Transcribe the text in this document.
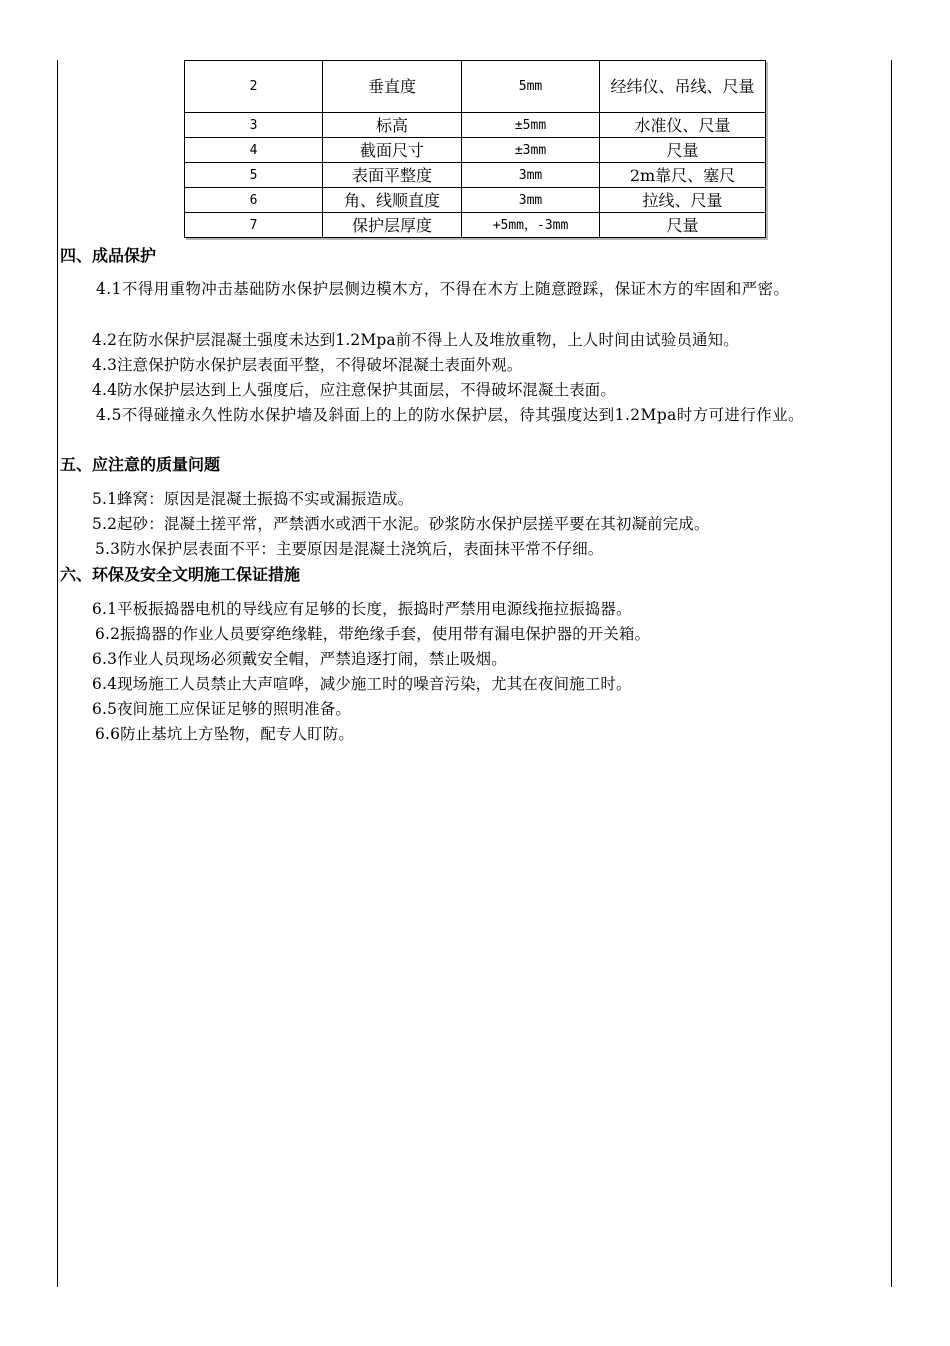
2	垂直度	5mm	经纬仪、吊线、尺量
3	标高	±5mm	水准仪、尺量
4	截面尺寸	±3mm	尺量
5	表面平整度	3mm	2m靠尺、塞尺
6	角、线顺直度	3mm	拉线、尺量
7	保护层厚度	+5mm，-3mm	尺量
四、成品保护
4.1不得用重物冲击基础防水保护层侧边模木方，不得在木方上随意蹬踩，保证木方的牢固和严密。
4.2在防水保护层混凝土强度未达到1.2Mpa前不得上人及堆放重物，上人时间由试验员通知。
4.3注意保护防水保护层表面平整，不得破坏混凝土表面外观。
4.4防水保护层达到上人强度后，应注意保护其面层，不得破坏混凝土表面。
4.5不得碰撞永久性防水保护墙及斜面上的上的防水保护层，待其强度达到1.2Mpa时方可进行作业。
五、应注意的质量问题
5.1蜂窝：原因是混凝土振捣不实或漏振造成。
5.2起砂：混凝土搓平常，严禁洒水或洒干水泥。砂浆防水保护层搓平要在其初凝前完成。
5.3防水保护层表面不平：主要原因是混凝土浇筑后，表面抹平常不仔细。
六、环保及安全文明施工保证措施
6.1平板振捣器电机的导线应有足够的长度，振捣时严禁用电源线拖拉振捣器。
6.2振捣器的作业人员要穿绝缘鞋，带绝缘手套，使用带有漏电保护器的开关箱。
6.3作业人员现场必须戴安全帽，严禁追逐打闹，禁止吸烟。
6.4现场施工人员禁止大声喧哗，减少施工时的噪音污染，尤其在夜间施工时。
6.5夜间施工应保证足够的照明准备。
6.6防止基坑上方坠物，配专人盯防。
